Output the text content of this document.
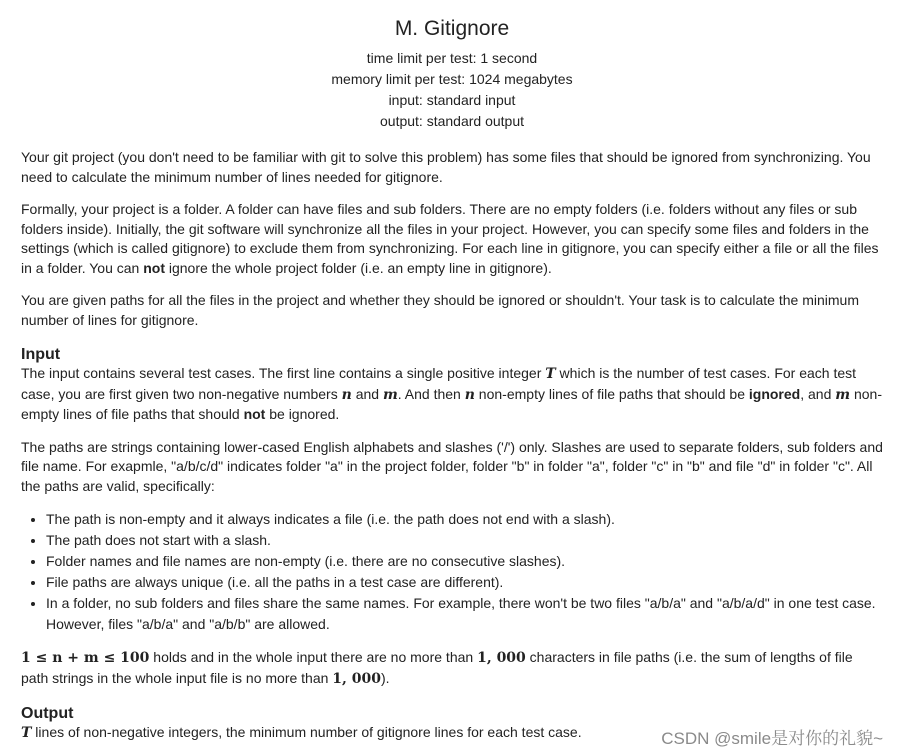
M. Gitignore
time limit per test: 1 second
memory limit per test: 1024 megabytes
input: standard input
output: standard output

Your git project (you don't need to be familiar with git to solve this problem) has some files that should be ignored from synchronizing. You need to calculate the minimum number of lines needed for gitignore.

Formally, your project is a folder. A folder can have files and sub folders. There are no empty folders (i.e. folders without any files or sub folders inside). Initially, the git software will synchronize all the files in your project. However, you can specify some files and folders in the settings (which is called gitignore) to exclude them from synchronizing. For each line in gitignore, you can specify either a file or all the files in a folder. You can not ignore the whole project folder (i.e. an empty line in gitignore).

You are given paths for all the files in the project and whether they should be ignored or shouldn't. Your task is to calculate the minimum number of lines for gitignore.

Input

The input contains several test cases. The first line contains a single positive integer T which is the number of test cases. For each test case, you are first given two non-negative numbers n and m. And then n non-empty lines of file paths that should be ignored, and m non-empty lines of file paths that should not be ignored.

The paths are strings containing lower-cased English alphabets and slashes ('/') only. Slashes are used to separate folders, sub folders and file name. For exapmle, "a/b/c/d" indicates folder "a" in the project folder, folder "b" in folder "a", folder "c" in "b" and file "d" in folder "c". All the paths are valid, specifically:

• The path is non-empty and it always indicates a file (i.e. the path does not end with a slash).
• The path does not start with a slash.
• Folder names and file names are non-empty (i.e. there are no consecutive slashes).
• File paths are always unique (i.e. all the paths in a test case are different).
• In a folder, no sub folders and files share the same names. For example, there won't be two files "a/b/a" and "a/b/a/d" in one test case. However, files "a/b/a" and "a/b/b" are allowed.

1 ≤ n + m ≤ 100 holds and in the whole input there are no more than 1, 000 characters in file paths (i.e. the sum of lengths of file path strings in the whole input file is no more than 1, 000).

Output

T lines of non-negative integers, the minimum number of gitignore lines for each test case.	CSDN @smile是对你的礼貌~
